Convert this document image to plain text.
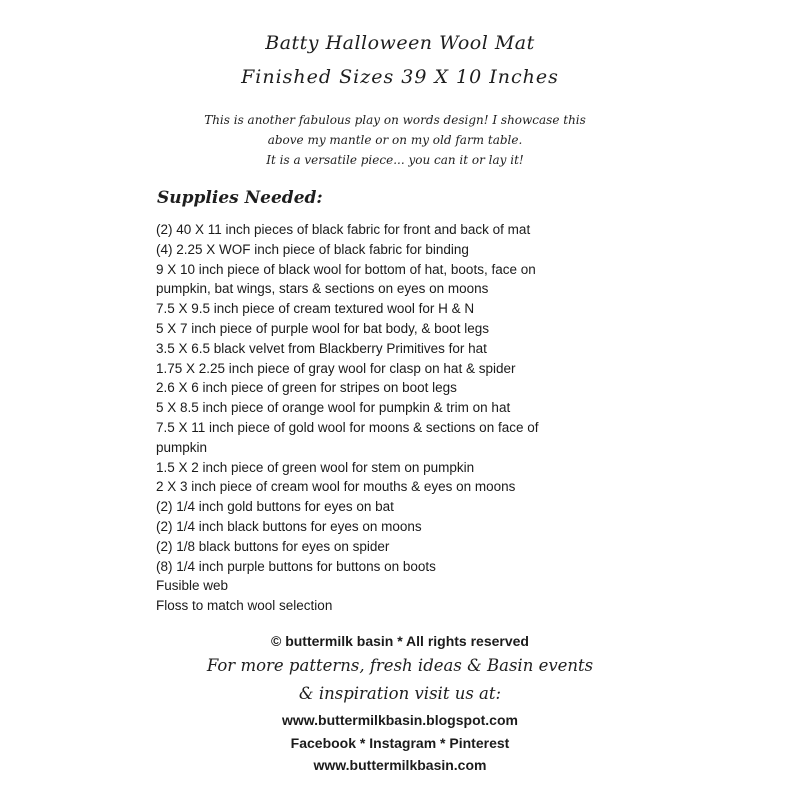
Batty Halloween Wool Mat
Finished Sizes 39 X 10 Inches
This is another fabulous play on words design! I showcase this
above my mantle or on my old farm table.
It is a versatile piece... you can it or lay it!
Supplies Needed:
(2) 40 X 11 inch pieces of black fabric for front and back of mat
(4) 2.25 X WOF inch piece of black fabric for binding
9 X 10 inch piece of black wool for bottom of hat, boots, face on
pumpkin, bat wings, stars & sections on eyes on moons
7.5 X 9.5 inch piece of cream textured wool for H & N
5 X 7 inch piece of purple wool for bat body, & boot legs
3.5 X 6.5 black velvet from Blackberry Primitives for hat
1.75 X 2.25 inch piece of gray wool for clasp on hat & spider
2.6 X 6 inch piece of green for stripes on boot legs
5 X 8.5 inch piece of orange wool for pumpkin & trim on hat
7.5 X 11 inch piece of gold wool for moons & sections on face of
pumpkin
1.5 X 2 inch piece of green wool for stem on pumpkin
2 X 3 inch piece of cream wool for mouths & eyes on moons
(2) 1/4 inch gold buttons for eyes on bat
(2) 1/4 inch black buttons for eyes on moons
(2) 1/8 black buttons for eyes on spider
(8) 1/4 inch purple buttons for buttons on boots
Fusible web
Floss to match wool selection
© buttermilk basin * All rights reserved
For more patterns, fresh ideas & Basin events
& inspiration visit us at:
www.buttermilkbasin.blogspot.com
Facebook * Instagram * Pinterest
www.buttermilkbasin.com
